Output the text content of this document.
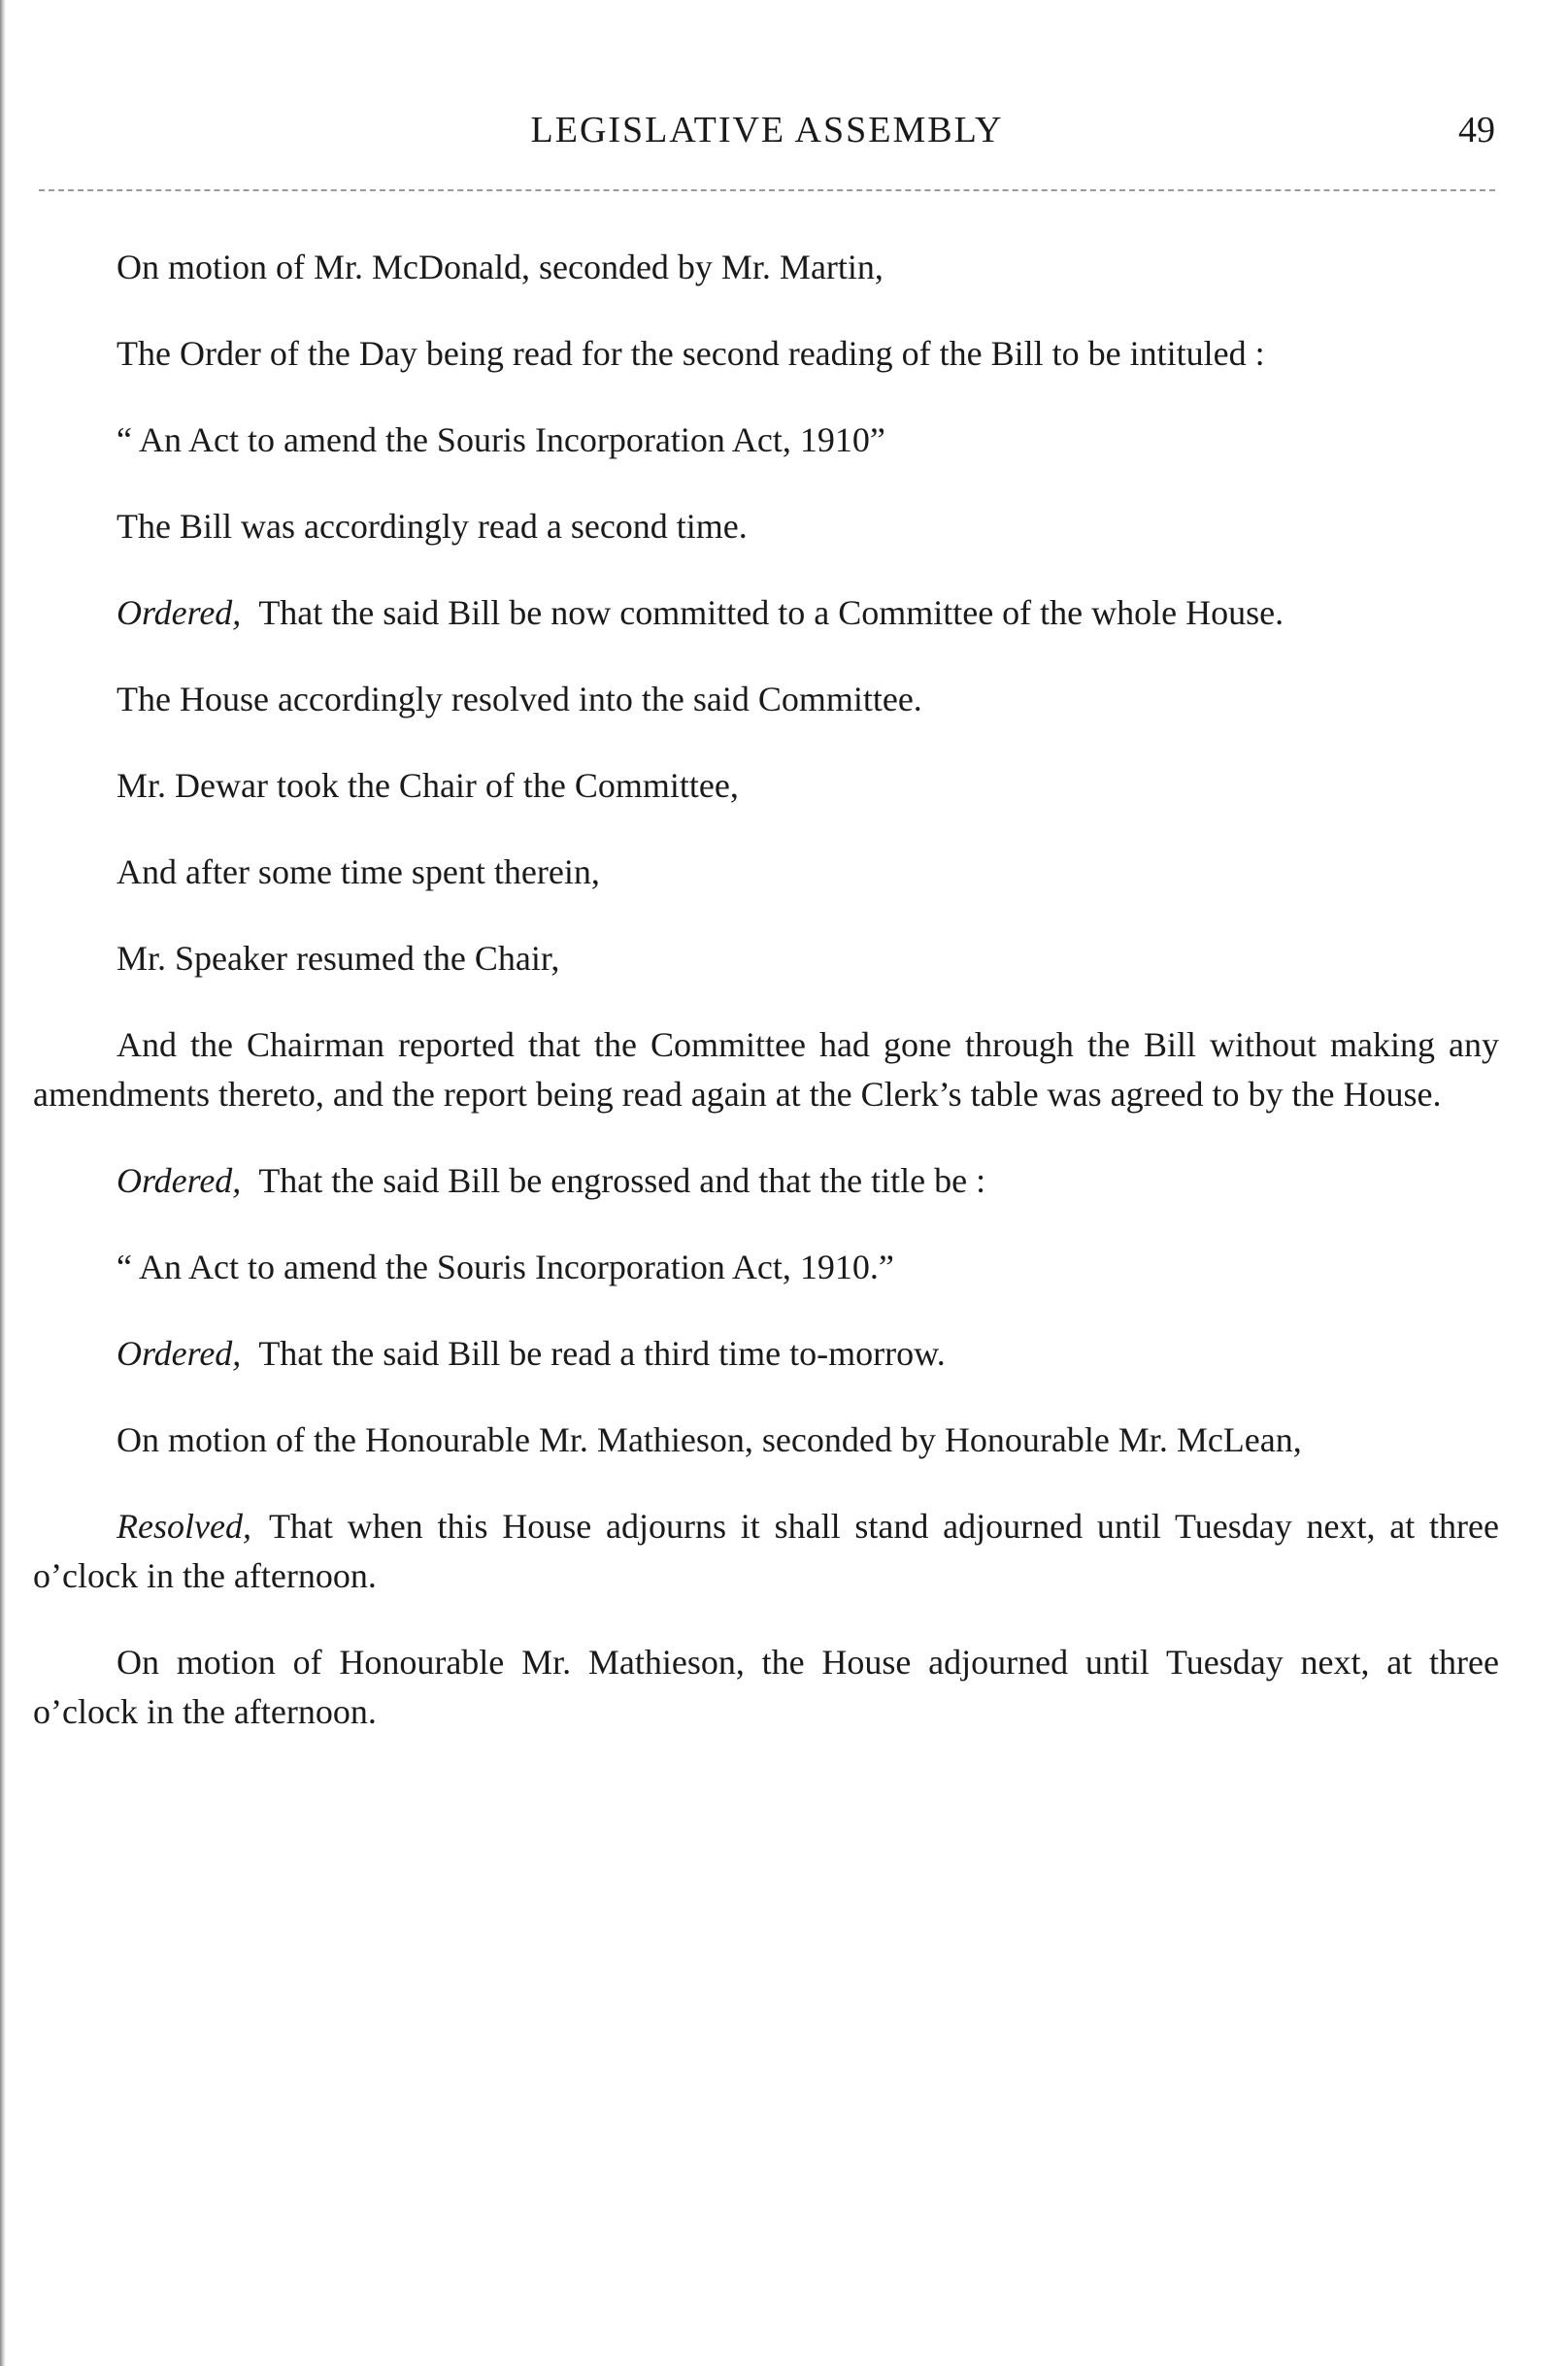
LEGISLATIVE ASSEMBLY	49

On motion of Mr. McDonald, seconded by Mr. Martin,

The Order of the Day being read for the second reading of the Bill to be intituled :

“ An Act to amend the Souris Incorporation Act, 1910”

The Bill was accordingly read a second time.

Ordered, That the said Bill be now committed to a Committee of the whole House.

The House accordingly resolved into the said Committee.

Mr. Dewar took the Chair of the Committee,

And after some time spent therein,

Mr. Speaker resumed the Chair,

And the Chairman reported that the Committee had gone through the Bill without making any amendments thereto, and the report being read again at the Clerk’s table was agreed to by the House.

Ordered, That the said Bill be engrossed and that the title be :

“ An Act to amend the Souris Incorporation Act, 1910.”

Ordered, That the said Bill be read a third time to-morrow.

On motion of the Honourable Mr. Mathieson, seconded by Honourable Mr. McLean,

Resolved, That when this House adjourns it shall stand adjourned until Tuesday next, at three o’clock in the afternoon.

On motion of Honourable Mr. Mathieson, the House adjourned until Tuesday next, at three o’clock in the afternoon.
